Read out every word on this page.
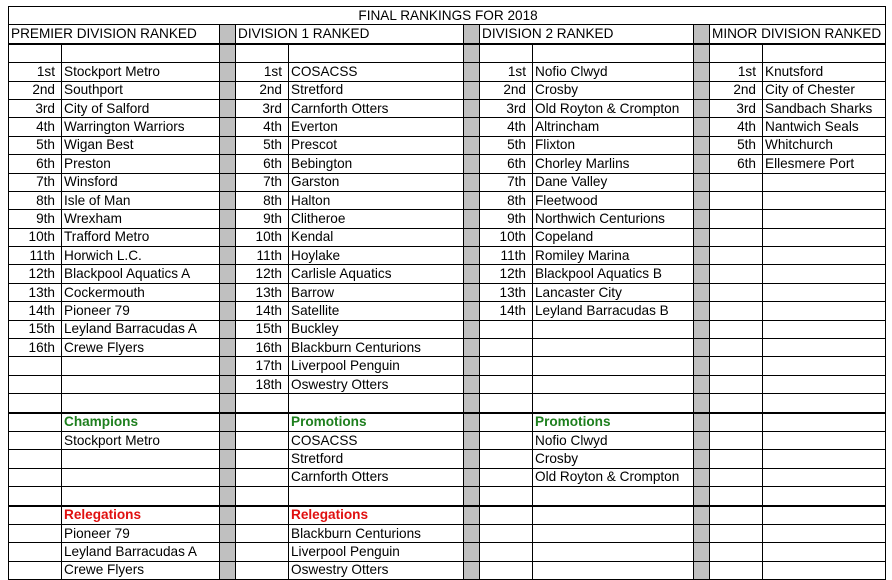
FINAL RANKINGS FOR 2018										
PREMIER DIVISION RANKED			DIVISION 1 RANKED			DIVISION 2 RANKED			MINOR DIVISION RANKED	

1st	Stockport Metro		1st	COSACSS		1st	Nofio Clwyd		1st	Knutsford
2nd	Southport		2nd	Stretford		2nd	Crosby		2nd	City of Chester
3rd	City of Salford		3rd	Carnforth Otters		3rd	Old Royton & Crompton		3rd	Sandbach Sharks
4th	Warrington Warriors		4th	Everton		4th	Altrincham		4th	Nantwich Seals
5th	Wigan Best		5th	Prescot		5th	Flixton		5th	Whitchurch
6th	Preston		6th	Bebington		6th	Chorley Marlins		6th	Ellesmere Port
7th	Winsford		7th	Garston		7th	Dane Valley			
8th	Isle of Man		8th	Halton		8th	Fleetwood			
9th	Wrexham		9th	Clitheroe		9th	Northwich Centurions			
10th	Trafford Metro		10th	Kendal		10th	Copeland			
11th	Horwich L.C.		11th	Hoylake		11th	Romiley Marina			
12th	Blackpool Aquatics A		12th	Carlisle Aquatics		12th	Blackpool Aquatics B			
13th	Cockermouth		13th	Barrow		13th	Lancaster City			
14th	Pioneer 79		14th	Satellite		14th	Leyland Barracudas B			
15th	Leyland Barracudas A		15th	Buckley						
16th	Crewe Flyers		16th	Blackburn Centurions						
			17th	Liverpool Penguin						
			18th	Oswestry Otters						

	Champions			Promotions			Promotions			
	Stockport Metro			COSACSS			Nofio Clwyd			
				Stretford			Crosby			
				Carnforth Otters			Old Royton & Crompton			

	Relegations			Relegations						
	Pioneer 79			Blackburn Centurions						
	Leyland Barracudas A			Liverpool Penguin						
	Crewe Flyers			Oswestry Otters						
